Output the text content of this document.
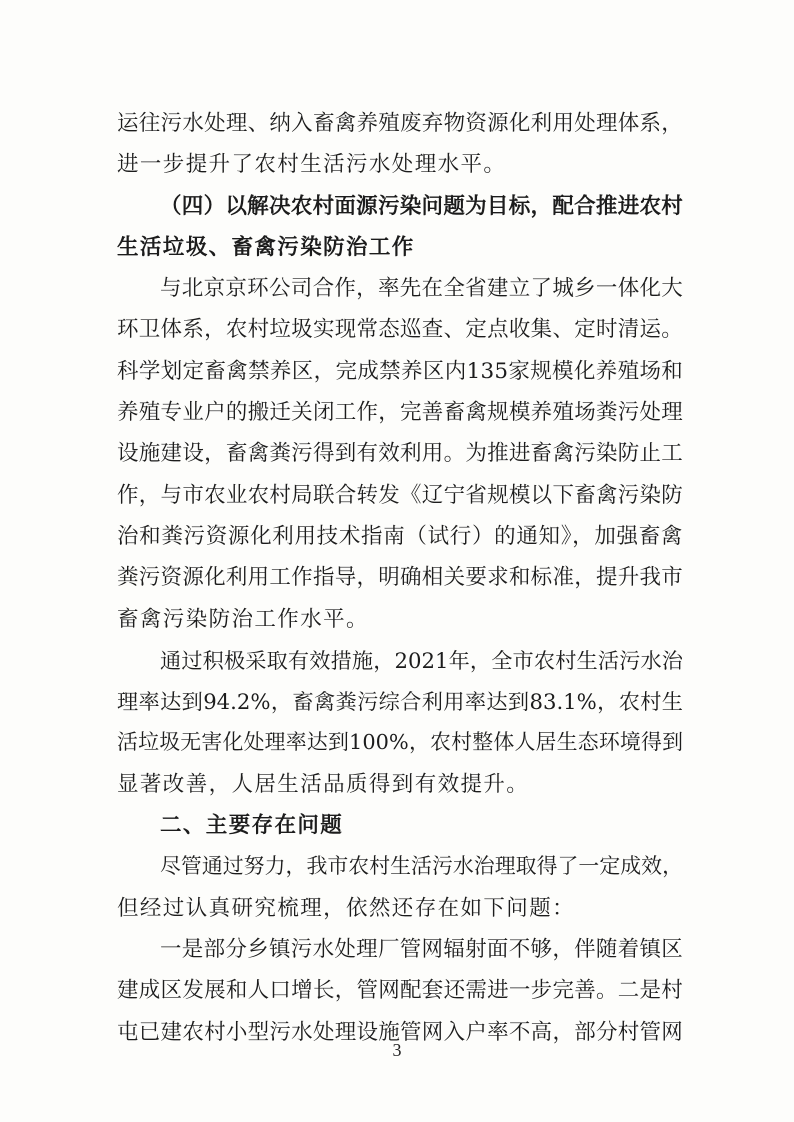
运往污水处理、纳入畜禽养殖废弃物资源化利用处理体系，
进一步提升了农村生活污水处理水平。
（四）以解决农村面源污染问题为目标，配合推进农村
生活垃圾、畜禽污染防治工作
与北京京环公司合作，率先在全省建立了城乡一体化大
环卫体系，农村垃圾实现常态巡查、定点收集、定时清运。
科学划定畜禽禁养区，完成禁养区内135家规模化养殖场和
养殖专业户的搬迁关闭工作，完善畜禽规模养殖场粪污处理
设施建设，畜禽粪污得到有效利用。为推进畜禽污染防止工
作，与市农业农村局联合转发《辽宁省规模以下畜禽污染防
治和粪污资源化利用技术指南（试行）的通知》，加强畜禽
粪污资源化利用工作指导，明确相关要求和标准，提升我市
畜禽污染防治工作水平。
通过积极采取有效措施，2021年，全市农村生活污水治
理率达到94.2%，畜禽粪污综合利用率达到83.1%，农村生
活垃圾无害化处理率达到100%，农村整体人居生态环境得到
显著改善，人居生活品质得到有效提升。
二、主要存在问题
尽管通过努力，我市农村生活污水治理取得了一定成效，
但经过认真研究梳理，依然还存在如下问题：
一是部分乡镇污水处理厂管网辐射面不够，伴随着镇区
建成区发展和人口增长，管网配套还需进一步完善。二是村
屯已建农村小型污水处理设施管网入户率不高，部分村管网
3
